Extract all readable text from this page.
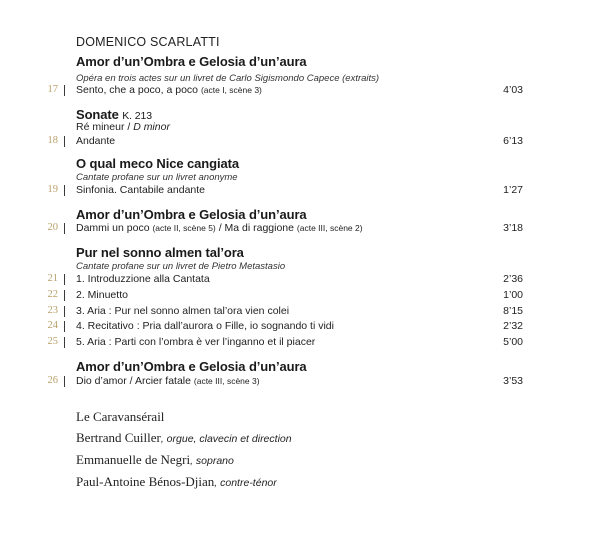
DOMENICO SCARLATTI
Amor d’un’Ombra e Gelosia d’un’aura
Opéra en trois actes sur un livret de Carlo Sigismondo Capece (extraits)
17 Sento, che a poco, a poco (acte I, scène 3)	4’03
Sonate K. 213
Ré mineur / D minor
18 Andante	6’13
O qual meco Nice cangiata
Cantate profane sur un livret anonyme
19 Sinfonia. Cantabile andante	1’27
Amor d’un’Ombra e Gelosia d’un’aura
20 Dammi un poco (acte II, scène 5) / Ma di raggione (acte III, scène 2)	3’18
Pur nel sonno almen tal’ora
Cantate profane sur un livret de Pietro Metastasio
21 1. Introduzzione alla Cantata	2’36
22 2. Minuetto	1’00
23 3. Aria : Pur nel sonno almen tal’ora vien colei	8’15
24 4. Recitativo : Pria dall’aurora o Fille, io sognando ti vidi	2’32
25 5. Aria : Parti con l’ombra è ver l’inganno et il piacer	5’00
Amor d’un’Ombra e Gelosia d’un’aura
26 Dio d’amor / Arcier fatale (acte III, scène 3)	3’53
Le Caravansérail
Bertrand Cuiller, orgue, clavecin et direction
Emmanuelle de Negri, soprano
Paul-Antoine Bénos-Djian, contre-ténor
